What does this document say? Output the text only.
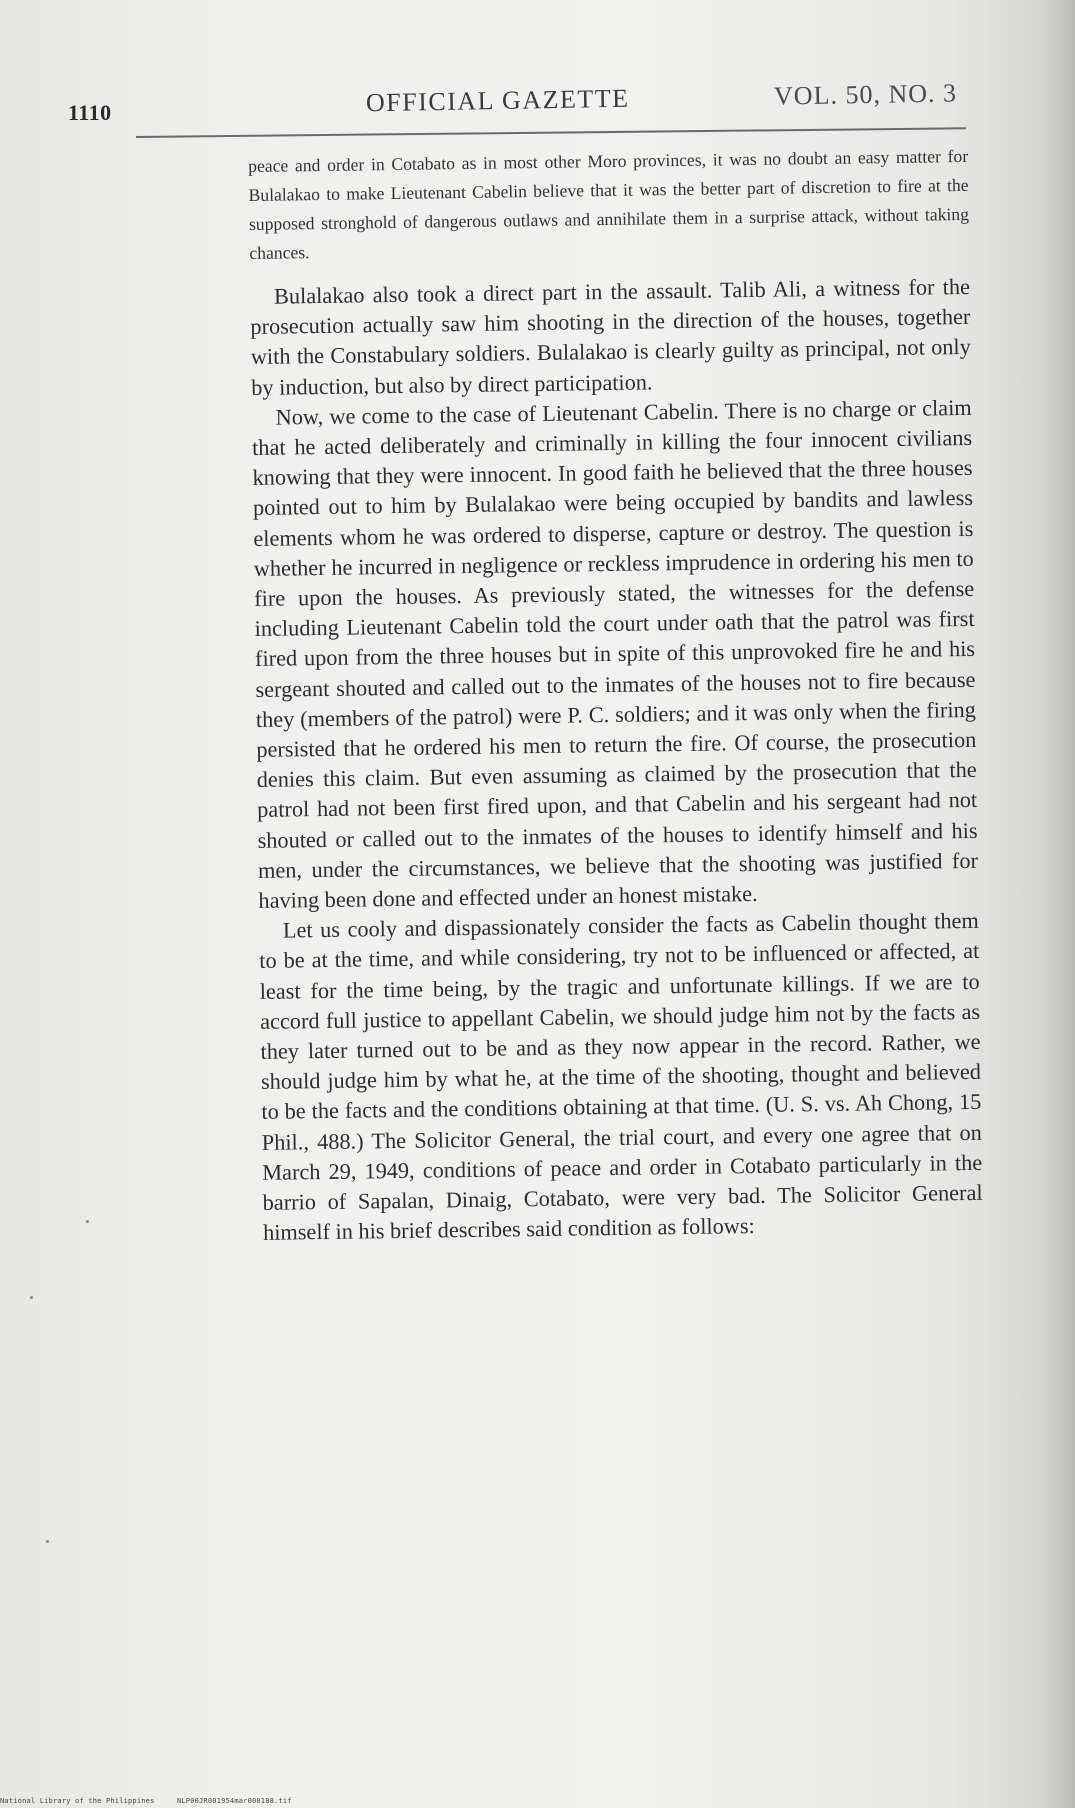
1110	OFFICIAL GAZETTE	VOL. 50, NO. 3

peace and order in Cotabato as in most other Moro provinces, it was no doubt an easy matter for Bulalakao to make Lieutenant Cabelin believe that it was the better part of discretion to fire at the supposed stronghold of dangerous outlaws and annihilate them in a surprise attack, without taking chances.

Bulalakao also took a direct part in the assault. Talib Ali, a witness for the prosecution actually saw him shooting in the direction of the houses, together with the Constabulary soldiers. Bulalakao is clearly guilty as principal, not only by induction, but also by direct participation.

Now, we come to the case of Lieutenant Cabelin. There is no charge or claim that he acted deliberately and criminally in killing the four innocent civilians knowing that they were innocent. In good faith he believed that the three houses pointed out to him by Bulalakao were being occupied by bandits and lawless elements whom he was ordered to disperse, capture or destroy. The question is whether he incurred in negligence or reckless imprudence in ordering his men to fire upon the houses. As previously stated, the witnesses for the defense including Lieutenant Cabelin told the court under oath that the patrol was first fired upon from the three houses but in spite of this unprovoked fire he and his sergeant shouted and called out to the inmates of the houses not to fire because they (members of the patrol) were P. C. soldiers; and it was only when the firing persisted that he ordered his men to return the fire. Of course, the prosecution denies this claim. But even assuming as claimed by the prosecution that the patrol had not been first fired upon, and that Cabelin and his sergeant had not shouted or called out to the inmates of the houses to identify himself and his men, under the circumstances, we believe that the shooting was justified for having been done and effected under an honest mistake.

Let us cooly and dispassionately consider the facts as Cabelin thought them to be at the time, and while considering, try not to be influenced or affected, at least for the time being, by the tragic and unfortunate killings. If we are to accord full justice to appellant Cabelin, we should judge him not by the facts as they later turned out to be and as they now appear in the record. Rather, we should judge him by what he, at the time of the shooting, thought and believed to be the facts and the conditions obtaining at that time. (U. S. vs. Ah Chong, 15 Phil., 488.) The Solicitor General, the trial court, and every one agree that on March 29, 1949, conditions of peace and order in Cotabato particularly in the barrio of Sapalan, Dinaig, Cotabato, were very bad. The Solicitor General himself in his brief describes said condition as follows:

National Library of the Philippines	NLP00JR001954mar000188.tif
